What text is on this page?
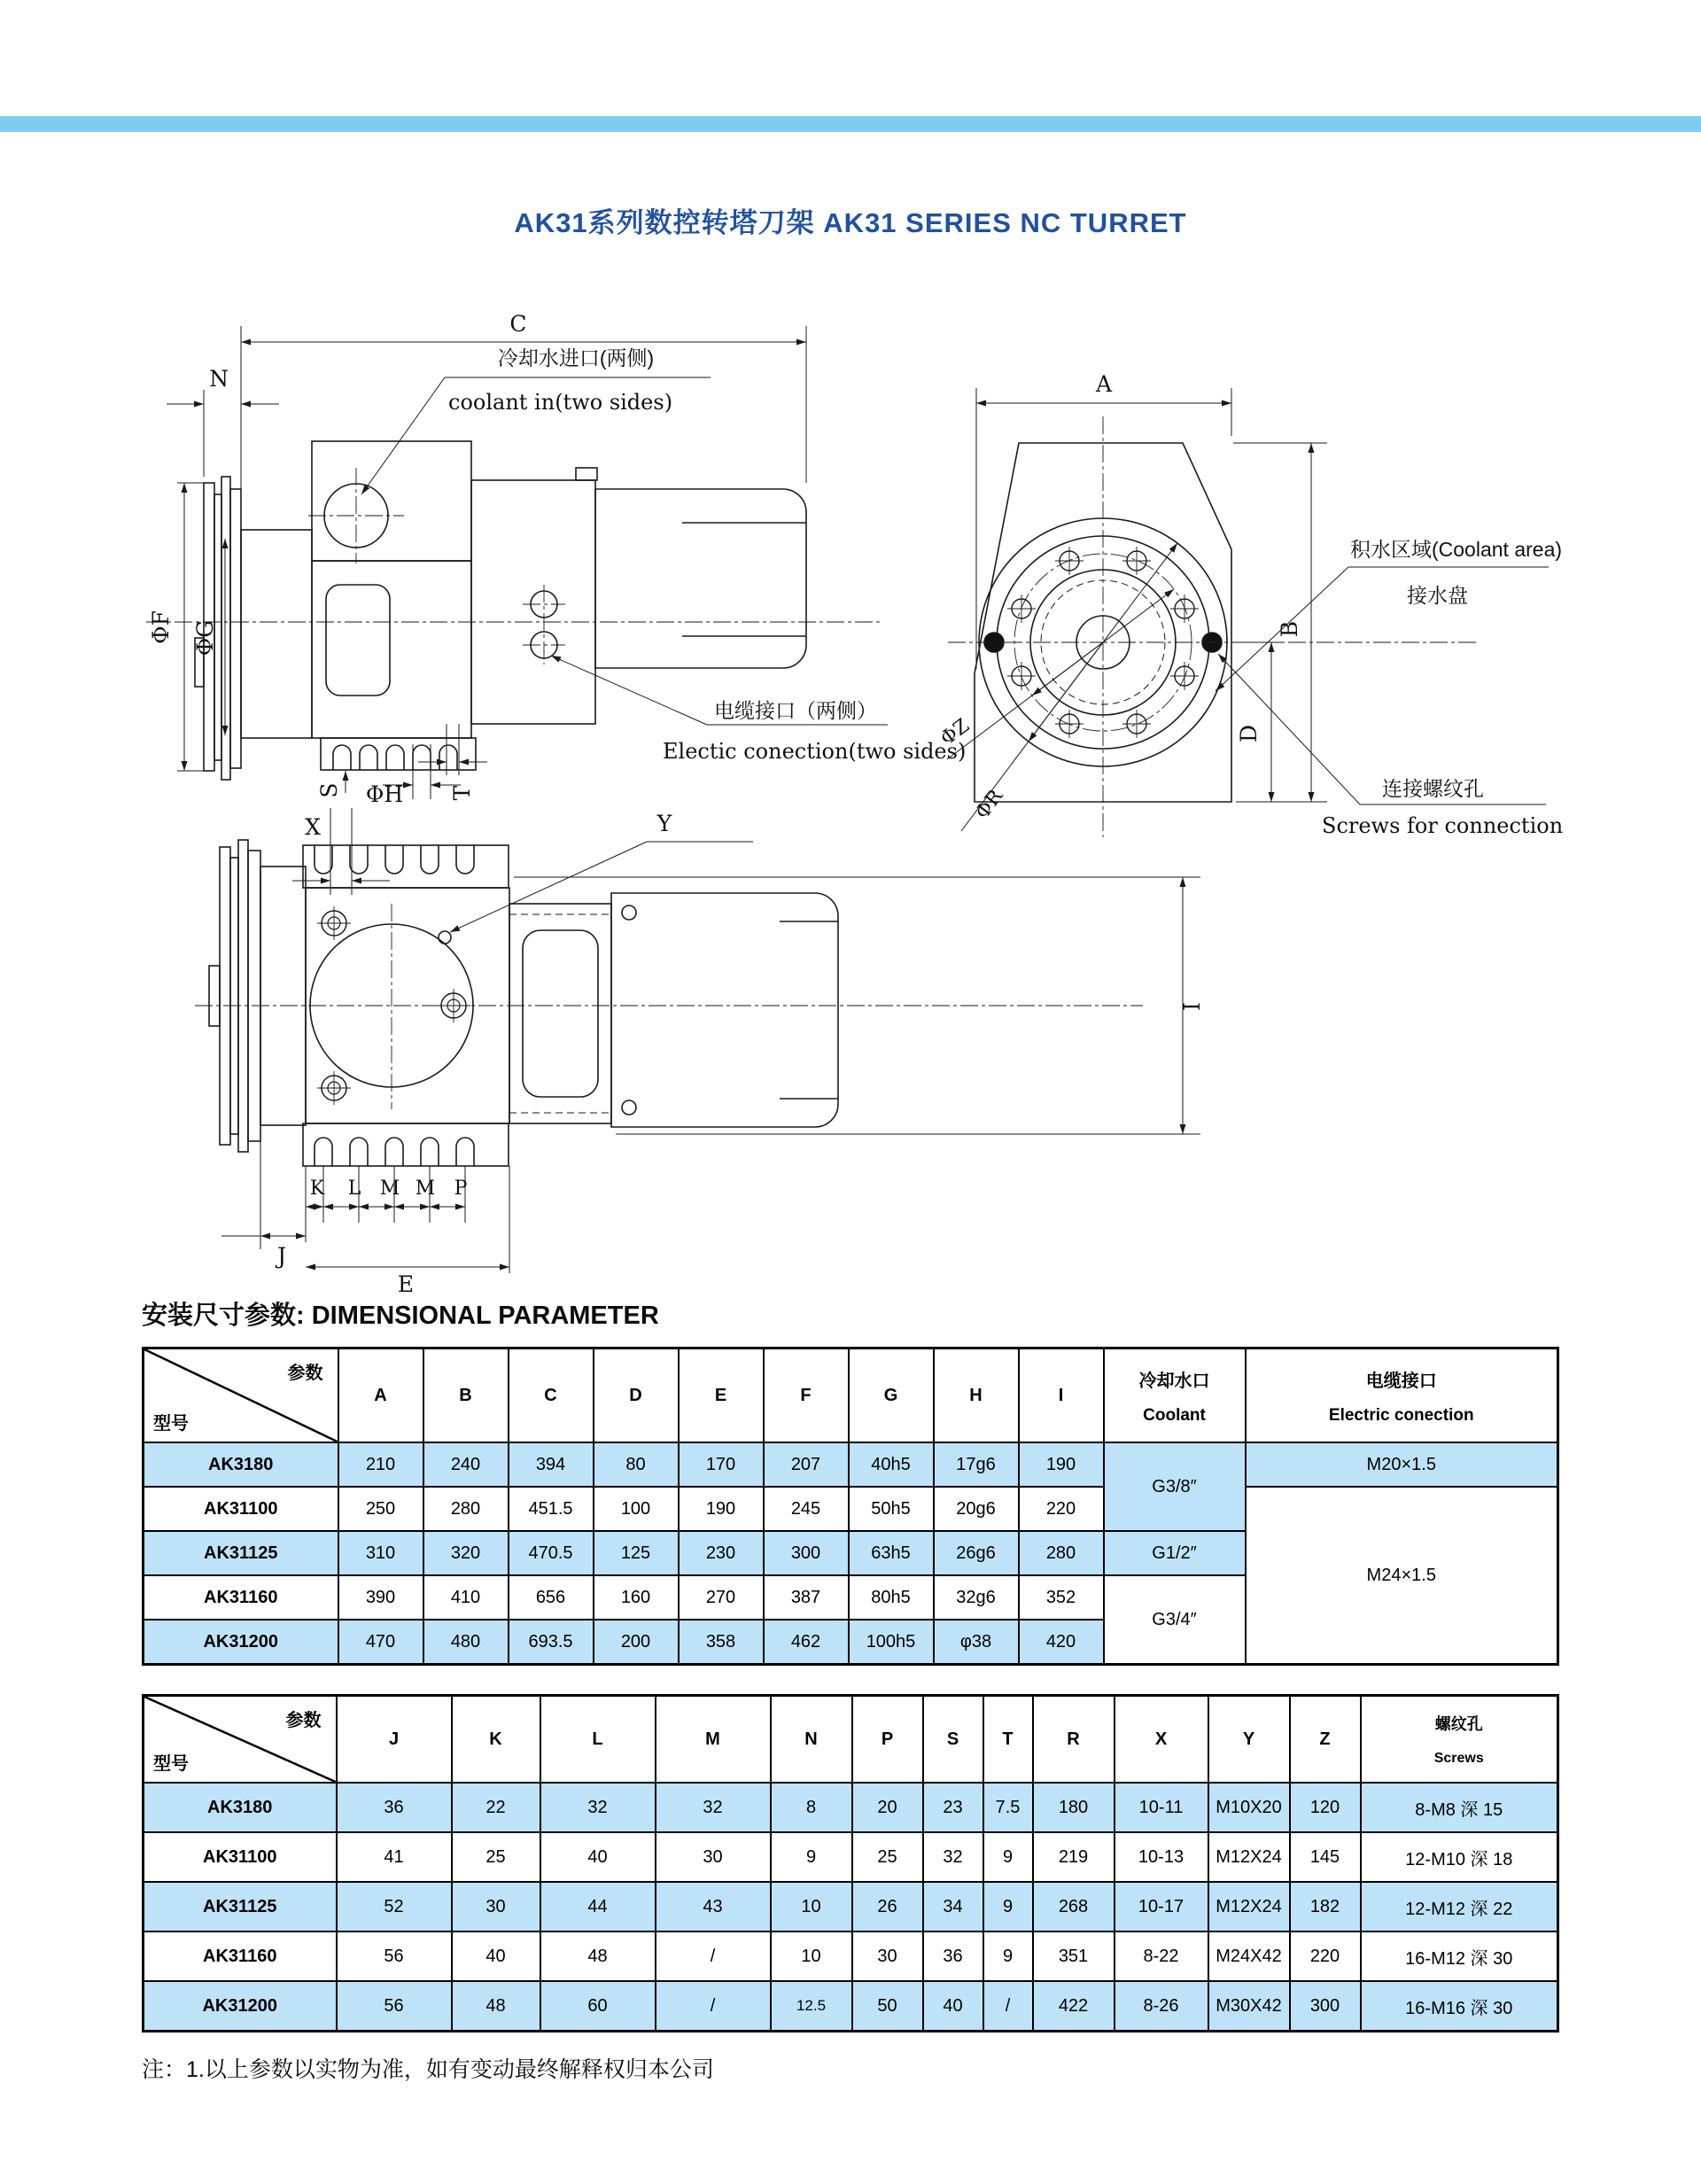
AK31系列数控转塔刀架 AK31 SERIES NC TURRET
C
N
ΦF ΦG
S ΦH T
冷却水进口(两侧)
coolant in(two sides)
电缆接口（两侧）
Electic conection(two sides)
A
B
D
ΦZ
ΦR
积水区域(Coolant area)
接水盘
连接螺纹孔
Screws for connection
X	Y
I
K L M M P
J
E
安装尺寸参数: DIMENSIONAL PARAMETER
参数
型号
	A	B	C	D	E	F	G	H	I	
冷却水口
Coolant

电缆接口
Electric conection

AK3180	210	240	394	80	170	207	40h5	17g6	190	G3/8″	M20×1.5
AK31100	250	280	451.5	100	190	245	50h5	20g6	220		M24×1.5
AK31125	310	320	470.5	125	230	300	63h5	26g6	280	G1/2″	
AK31160	390	410	656	160	270	387	80h5	32g6	352	G3/4″	
AK31200	470	480	693.5	200	358	462	100h5	φ38	420		
参数
型号
	J	K	L	M	N	P	S	T	R	X	Y	Z	
螺纹孔
Screws

AK3180	36	22	32	32	8	20	23	7.5	180	10-11	M10X20	120	8-M8 深 15
AK31100	41	25	40	30	9	25	32	9	219	10-13	M12X24	145	12-M10 深 18
AK31125	52	30	44	43	10	26	34	9	268	10-17	M12X24	182	12-M12 深 22
AK31160	56	40	48	/	10	30	36	9	351	8-22	M24X42	220	16-M12 深 30
AK31200	56	48	60	/	12.5	50	40	/	422	8-26	M30X42	300	16-M16 深 30
注：1.以上参数以实物为准，如有变动最终解释权归本公司
